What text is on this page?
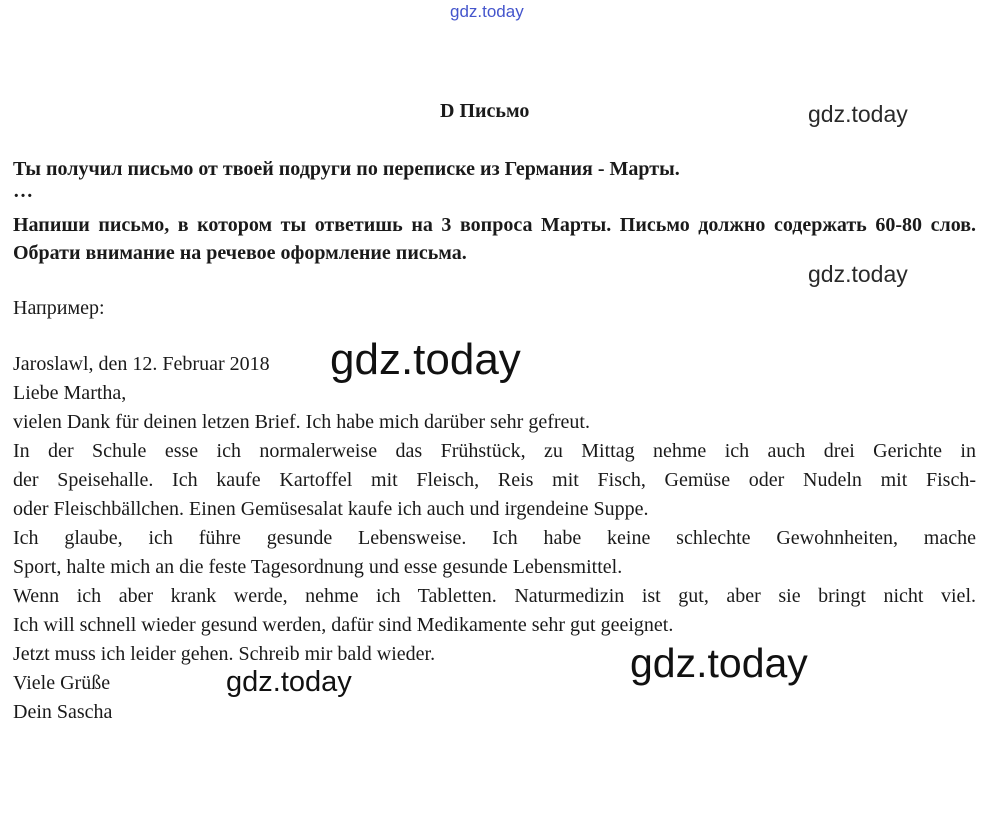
gdz.today
gdz.today
gdz.today
D Письмо

Ты получил письмо от твоей подруги по переписке из Германия - Марты.

…

Напиши письмо, в котором ты ответишь на 3 вопроса Марты. Письмо должно содержать 60-80 слов. Обрати внимание на речевое оформление письма.

Например:

Jaroslawl, den 12. Februar 2018
Liebe Martha,
vielen Dank für deinen letzen Brief. Ich habe mich darüber sehr gefreut.
In der Schule esse ich normalerweise das Frühstück, zu Mittag nehme ich auch drei Gerichte in
der Speisehalle. Ich kaufe Kartoffel mit Fleisch, Reis mit Fisch, Gemüse oder Nudeln mit Fisch-
oder Fleischbällchen. Einen Gemüsesalat kaufe ich auch und irgendeine Suppe.
Ich glaube, ich führe gesunde Lebensweise. Ich habe keine schlechte Gewohnheiten, mache
Sport, halte mich an die feste Tagesordnung und esse gesunde Lebensmittel.
Wenn ich aber krank werde, nehme ich Tabletten. Naturmedizin ist gut, aber sie bringt nicht viel.
Ich will schnell wieder gesund werden, dafür sind Medikamente sehr gut geeignet.
Jetzt muss ich leider gehen. Schreib mir bald wieder.
Viele Grüße
Dein Sascha
gdz.today
gdz.today
gdz.today
